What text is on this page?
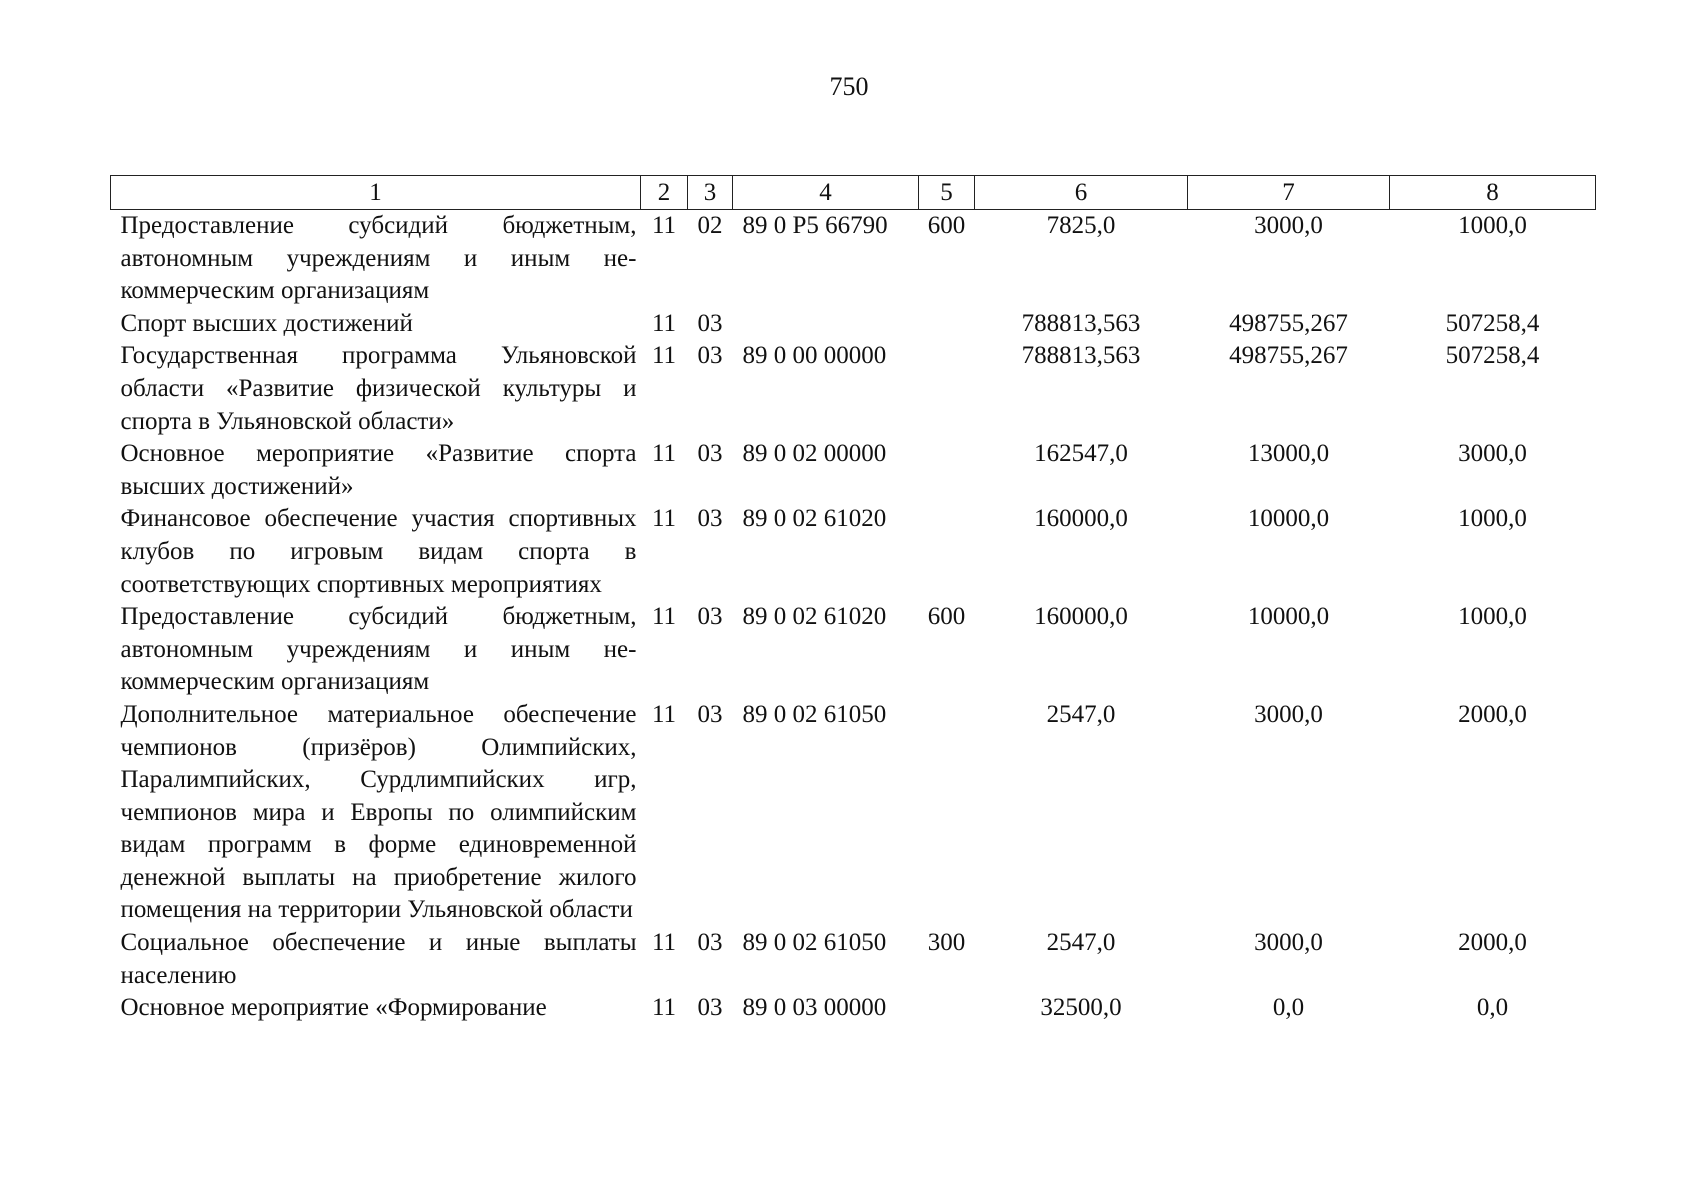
750
1	2	3	4	5	6	7	8
Предоставление субсидий бюджетным, автономным учреждениям и иным некоммерческим организациям	11	02	89 0 P5 66790	600	7825,0	3000,0	1000,0
Спорт высших достижений	11	03			788813,563	498755,267	507258,4
Государственная программа Ульяновской области «Развитие физической культуры и спорта в Ульяновской области»	11	03	89 0 00 00000		788813,563	498755,267	507258,4
Основное мероприятие «Развитие спорта высших достижений»	11	03	89 0 02 00000		162547,0	13000,0	3000,0
Финансовое обеспечение участия спортивных клубов по игровым видам спорта в соответствующих спортивных мероприятиях	11	03	89 0 02 61020		160000,0	10000,0	1000,0
Предоставление субсидий бюджетным, автономным учреждениям и иным некоммерческим организациям	11	03	89 0 02 61020	600	160000,0	10000,0	1000,0
Дополнительное материальное обеспечение чемпионов (призёров) Олимпийских, Паралимпийских, Сурдлимпийских игр, чемпионов мира и Европы по олимпийским видам программ в форме единовременной денежной выплаты на приобретение жилого помещения на территории Ульяновской области	11	03	89 0 02 61050		2547,0	3000,0	2000,0
Социальное обеспечение и иные выплаты населению	11	03	89 0 02 61050	300	2547,0	3000,0	2000,0
Основное мероприятие «Формирование	11	03	89 0 03 00000		32500,0	0,0	0,0
